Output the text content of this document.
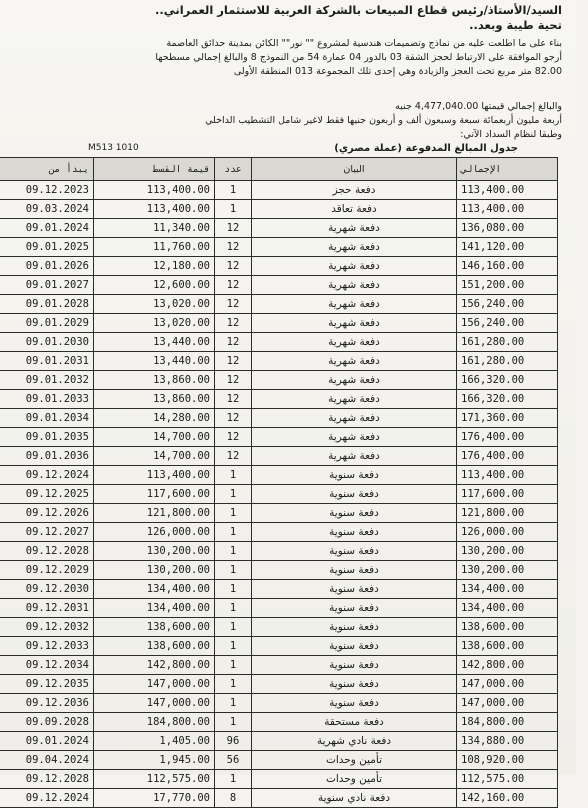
السيد/الأستاذ/رئيس قطاع المبيعات بالشركة العربية للاستثمار العمراني..
تحية طيبة وبعد..
بناء على ما اطلعت عليه من نماذج وتصميمات هندسية لمشروع "" نور"" الكائن بمدينة حدائق العاصمة
أرجو الموافقة على الارتباط لحجز الشقة 03 بالدور 04 عمارة 54 من النموذج 8 والبالغ إجمالي مسطحها
82.00 متر مربع تحت العجز والزيادة وهي إحدى تلك المجموعة 013 المنطقة الأولى
والبالغ إجمالي قيمتها 4,477,040.00 جنيه
أربعة مليون أربعمائة سبعة وسبعون ألف و أربعون جنيها فقط لاغير شامل التشطيب الداخلي
وطبقا لنظام السداد الآتي:
جدول المبالغ المدفوعة (عملة مصري)
M513 1010
يبدأ من	قيمة القسط	عدد	البيان	الإجمالي
09.12.2023	113,400.00	1	دفعة حجز	113,400.00
09.03.2024	113,400.00	1	دفعة تعاقد	113,400.00
09.01.2024	11,340.00	12	دفعة شهرية	136,080.00
09.01.2025	11,760.00	12	دفعة شهرية	141,120.00
09.01.2026	12,180.00	12	دفعة شهرية	146,160.00
09.01.2027	12,600.00	12	دفعة شهرية	151,200.00
09.01.2028	13,020.00	12	دفعة شهرية	156,240.00
09.01.2029	13,020.00	12	دفعة شهرية	156,240.00
09.01.2030	13,440.00	12	دفعة شهرية	161,280.00
09.01.2031	13,440.00	12	دفعة شهرية	161,280.00
09.01.2032	13,860.00	12	دفعة شهرية	166,320.00
09.01.2033	13,860.00	12	دفعة شهرية	166,320.00
09.01.2034	14,280.00	12	دفعة شهرية	171,360.00
09.01.2035	14,700.00	12	دفعة شهرية	176,400.00
09.01.2036	14,700.00	12	دفعة شهرية	176,400.00
09.12.2024	113,400.00	1	دفعة سنوية	113,400.00
09.12.2025	117,600.00	1	دفعة سنوية	117,600.00
09.12.2026	121,800.00	1	دفعة سنوية	121,800.00
09.12.2027	126,000.00	1	دفعة سنوية	126,000.00
09.12.2028	130,200.00	1	دفعة سنوية	130,200.00
09.12.2029	130,200.00	1	دفعة سنوية	130,200.00
09.12.2030	134,400.00	1	دفعة سنوية	134,400.00
09.12.2031	134,400.00	1	دفعة سنوية	134,400.00
09.12.2032	138,600.00	1	دفعة سنوية	138,600.00
09.12.2033	138,600.00	1	دفعة سنوية	138,600.00
09.12.2034	142,800.00	1	دفعة سنوية	142,800.00
09.12.2035	147,000.00	1	دفعة سنوية	147,000.00
09.12.2036	147,000.00	1	دفعة سنوية	147,000.00
09.09.2028	184,800.00	1	دفعة مستحقة	184,800.00
09.01.2024	1,405.00	96	دفعة نادي شهرية	134,880.00
09.04.2024	1,945.00	56	تأمين وحدات	108,920.00
09.12.2028	112,575.00	1	تأمين وحدات	112,575.00
09.12.2024	17,770.00	8	دفعة نادي سنوية	142,160.00
